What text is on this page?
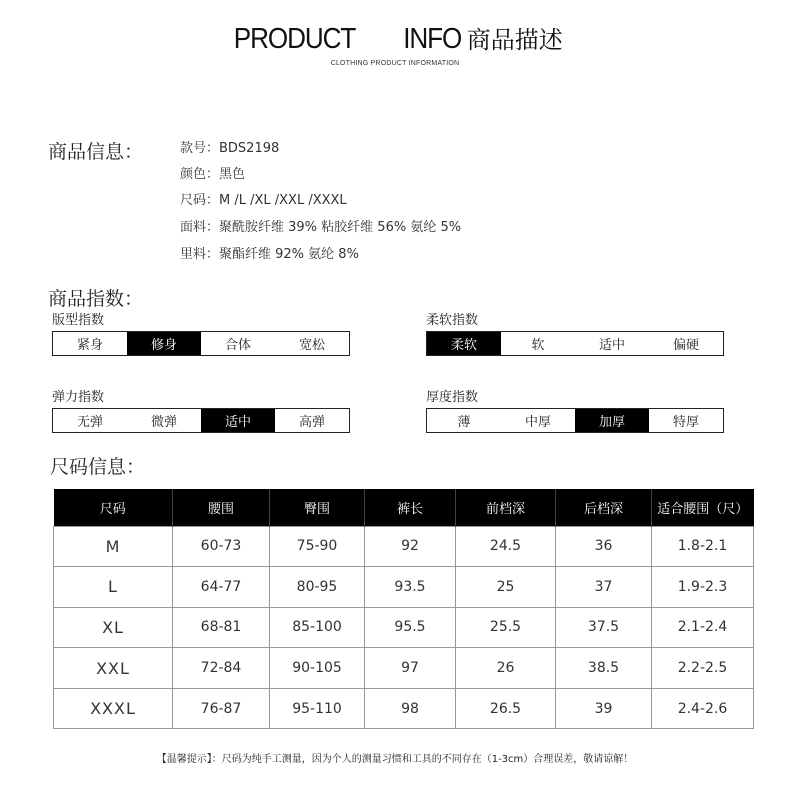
PRODUCT INFO 商品描述
CLOTHING PRODUCT INFORMATION
商品信息：	款号：BDS2198
颜色：黑色
尺码：M /L /XL /XXL /XXXL
面料：聚酰胺纤维 39% 粘胶纤维 56% 氨纶 5%
里料：聚酯纤维 92% 氨纶 8%
商品指数：
版型指数
紧身	修身	合体	宽松
柔软指数
柔软	软	适中	偏硬
弹力指数
无弹	微弹	适中	高弹
厚度指数
薄	中厚	加厚	特厚
尺码信息：
尺码	腰围	臀围	裤长	前档深	后档深	适合腰围（尺）
M	60-73	75-90	92	24.5	36	1.8-2.1
L	64-77	80-95	93.5	25	37	1.9-2.3
XL	68-81	85-100	95.5	25.5	37.5	2.1-2.4
XXL	72-84	90-105	97	26	38.5	2.2-2.5
XXXL	76-87	95-110	98	26.5	39	2.4-2.6
【温馨提示】：尺码为纯手工测量，因为个人的测量习惯和工具的不同存在（1-3cm）合理误差，敬请谅解！
